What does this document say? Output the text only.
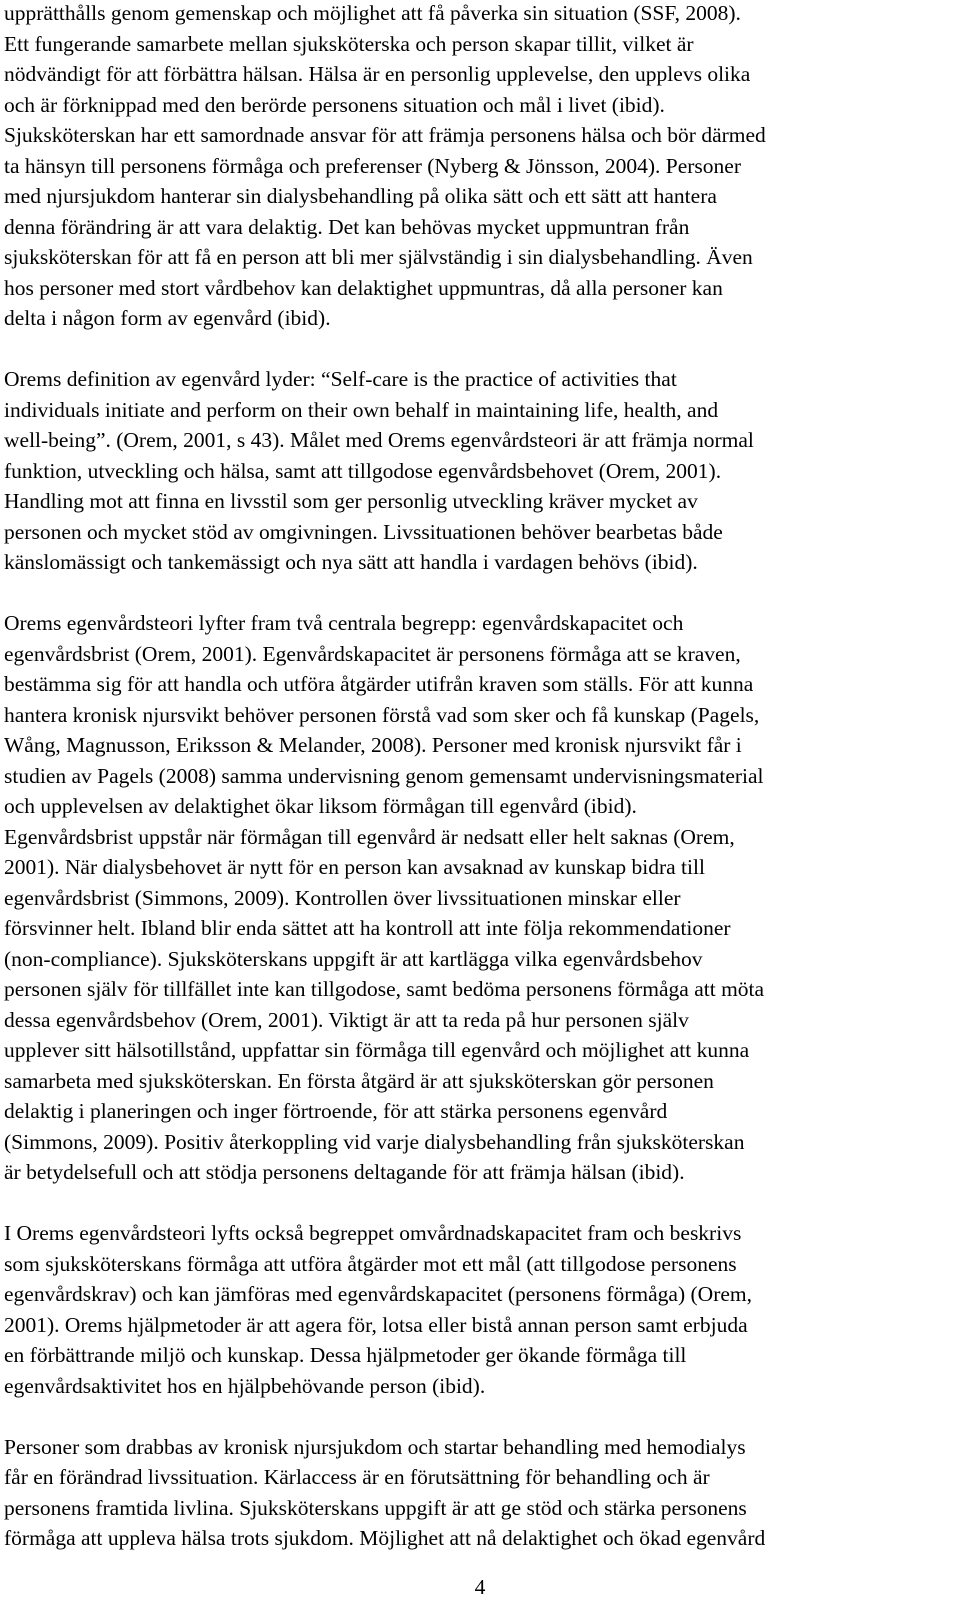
upprätthålls genom gemenskap och möjlighet att få påverka sin situation (SSF, 2008).
Ett fungerande samarbete mellan sjuksköterska och person skapar tillit, vilket är
nödvändigt för att förbättra hälsan. Hälsa är en personlig upplevelse, den upplevs olika
och är förknippad med den berörde personens situation och mål i livet (ibid).
Sjuksköterskan har ett samordnade ansvar för att främja personens hälsa och bör därmed
ta hänsyn till personens förmåga och preferenser (Nyberg & Jönsson, 2004). Personer
med njursjukdom hanterar sin dialysbehandling på olika sätt och ett sätt att hantera
denna förändring är att vara delaktig. Det kan behövas mycket uppmuntran från
sjuksköterskan för att få en person att bli mer självständig i sin dialysbehandling. Även
hos personer med stort vårdbehov kan delaktighet uppmuntras, då alla personer kan
delta i någon form av egenvård (ibid).

Orems definition av egenvård lyder: “Self-care is the practice of activities that
individuals initiate and perform on their own behalf in maintaining life, health, and
well-being”. (Orem, 2001, s 43). Målet med Orems egenvårdsteori är att främja normal
funktion, utveckling och hälsa, samt att tillgodose egenvårdsbehovet (Orem, 2001).
Handling mot att finna en livsstil som ger personlig utveckling kräver mycket av
personen och mycket stöd av omgivningen. Livssituationen behöver bearbetas både
känslomässigt och tankemässigt och nya sätt att handla i vardagen behövs (ibid).

Orems egenvårdsteori lyfter fram två centrala begrepp: egenvårdskapacitet och
egenvårdsbrist (Orem, 2001). Egenvårdskapacitet är personens förmåga att se kraven,
bestämma sig för att handla och utföra åtgärder utifrån kraven som ställs. För att kunna
hantera kronisk njursvikt behöver personen förstå vad som sker och få kunskap (Pagels,
Wång, Magnusson, Eriksson & Melander, 2008). Personer med kronisk njursvikt får i
studien av Pagels (2008) samma undervisning genom gemensamt undervisningsmaterial
och upplevelsen av delaktighet ökar liksom förmågan till egenvård (ibid).
Egenvårdsbrist uppstår när förmågan till egenvård är nedsatt eller helt saknas (Orem,
2001). När dialysbehovet är nytt för en person kan avsaknad av kunskap bidra till
egenvårdsbrist (Simmons, 2009). Kontrollen över livssituationen minskar eller
försvinner helt. Ibland blir enda sättet att ha kontroll att inte följa rekommendationer
(non-compliance). Sjuksköterskans uppgift är att kartlägga vilka egenvårdsbehov
personen själv för tillfället inte kan tillgodose, samt bedöma personens förmåga att möta
dessa egenvårdsbehov (Orem, 2001). Viktigt är att ta reda på hur personen själv
upplever sitt hälsotillstånd, uppfattar sin förmåga till egenvård och möjlighet att kunna
samarbeta med sjuksköterskan. En första åtgärd är att sjuksköterskan gör personen
delaktig i planeringen och inger förtroende, för att stärka personens egenvård
(Simmons, 2009). Positiv återkoppling vid varje dialysbehandling från sjuksköterskan
är betydelsefull och att stödja personens deltagande för att främja hälsan (ibid).

I Orems egenvårdsteori lyfts också begreppet omvårdnadskapacitet fram och beskrivs
som sjuksköterskans förmåga att utföra åtgärder mot ett mål (att tillgodose personens
egenvårdskrav) och kan jämföras med egenvårdskapacitet (personens förmåga) (Orem,
2001). Orems hjälpmetoder är att agera för, lotsa eller bistå annan person samt erbjuda
en förbättrande miljö och kunskap. Dessa hjälpmetoder ger ökande förmåga till
egenvårdsaktivitet hos en hjälpbehövande person (ibid).

Personer som drabbas av kronisk njursjukdom och startar behandling med hemodialys
får en förändrad livssituation. Kärlaccess är en förutsättning för behandling och är
personens framtida livlina. Sjuksköterskans uppgift är att ge stöd och stärka personens
förmåga att uppleva hälsa trots sjukdom. Möjlighet att nå delaktighet och ökad egenvård

4
